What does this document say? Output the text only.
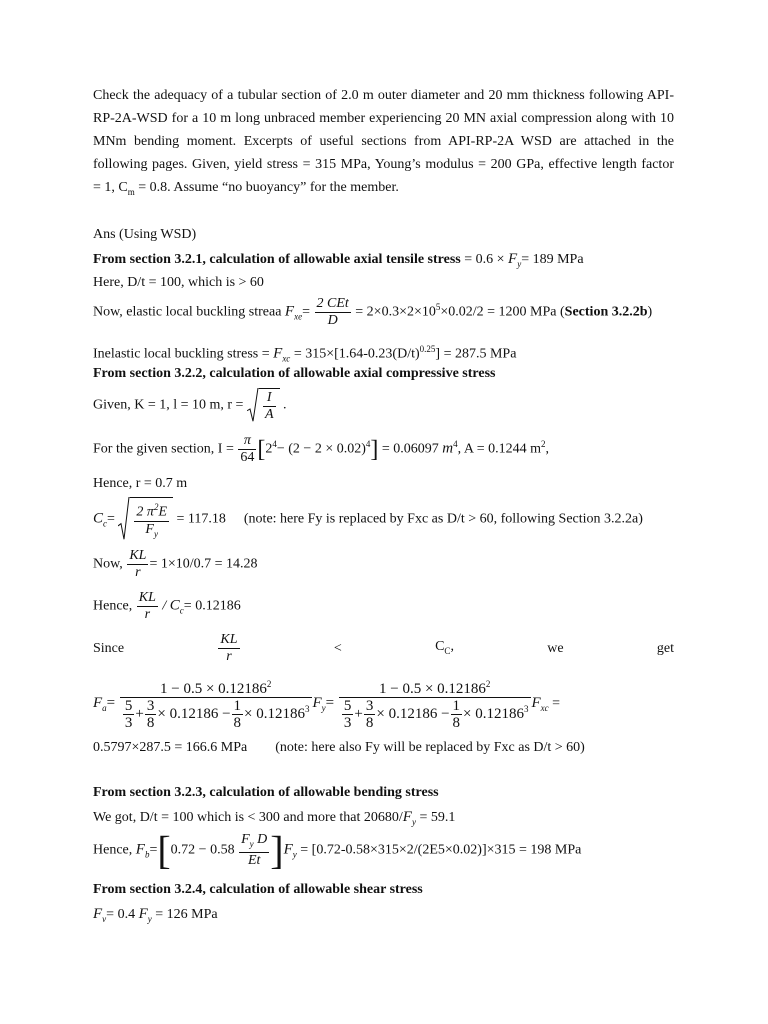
Check the adequacy of a tubular section of 2.0 m outer diameter and 20 mm thickness following API-
RP-2A-WSD for a 10 m long unbraced member experiencing 20 MN axial compression along with 10
MNm bending moment. Excerpts of useful sections from API-RP-2A WSD are attached in the
following pages. Given, yield stress = 315 MPa, Young’s modulus = 200 GPa, effective length factor
= 1, $C_m = 0.8$. Assume “no buoyancy” for the member.
Ans (Using WSD)
From section 3.2.1, calculation of allowable axial tensile stress = $0.6 \times F_y= 189$ MPa
Here, D/t = 100, which is > 60
Now, elastic local buckling streaa $F_{xe}= \frac{\text{2 CEt}}{D} = 2\times 0.3\times 2\times 10^5\times 0.02/2 = 1200$ MPa (Section 3.2.2b)
Inelastic local buckling stress = $F_{xc} = 315\times[1.64-0.23(D/t)^{0.25}] = 287.5$ MPa
From section 3.2.2, calculation of allowable axial compressive stress
Given, K = 1, l = 10 m, $r = \frac{I}{A}$ .
For the given section, $I = \frac{\pi}{64} [2^4- (2 - 2 \times 0.02)^4] = 0.06097$ $m^4$, A = 0.1244 $m^2$,
Hence, r = 0.7 m
$C_c= \frac{2 \pi^2E}{F_y} = 117.18$ (note: here Fy is replaced by Fxc as D/t > 60, following Section 3.2.2a)
Now, $\frac{KL}{r} = 1\times 10/0.7 = 14.28$
Hence, $\frac{KL}{r} / C_c= 0.12186$
Since	$\frac{KL}{r}$	<	$C_C$,	we	get
$F_a= \frac{1 - 0.5 \times 0.12186^2}{\frac{5}{3} + \frac{3}{8} \times 0.12186 - \frac{1}{8} \times 0.12186^3} F_y= \frac{1 - 0.5 \times 0.12186^2}{\frac{5}{3} + \frac{3}{8} \times 0.12186 - \frac{1}{8} \times 0.12186^3} F_{xc}$ =
0.5797×287.5 = 166.6 MPa (note: here also Fy will be replaced by Fxc as D/t > 60)
From section 3.2.3, calculation of allowable bending stress
We got, D/t = 100 which is < 300 and more that $20680/F_y = 59.1$
Hence, $F_b=[0.72 - 0.58 \frac{F_y D}{Et} ]F_y = [0.72-0.58\times 315\times 2/(2E5\times 0.02)]\times 315 = 198$ MPa
From section 3.2.4, calculation of allowable shear stress
$F_v= 0.4$ $F_y = 126$ MPa
